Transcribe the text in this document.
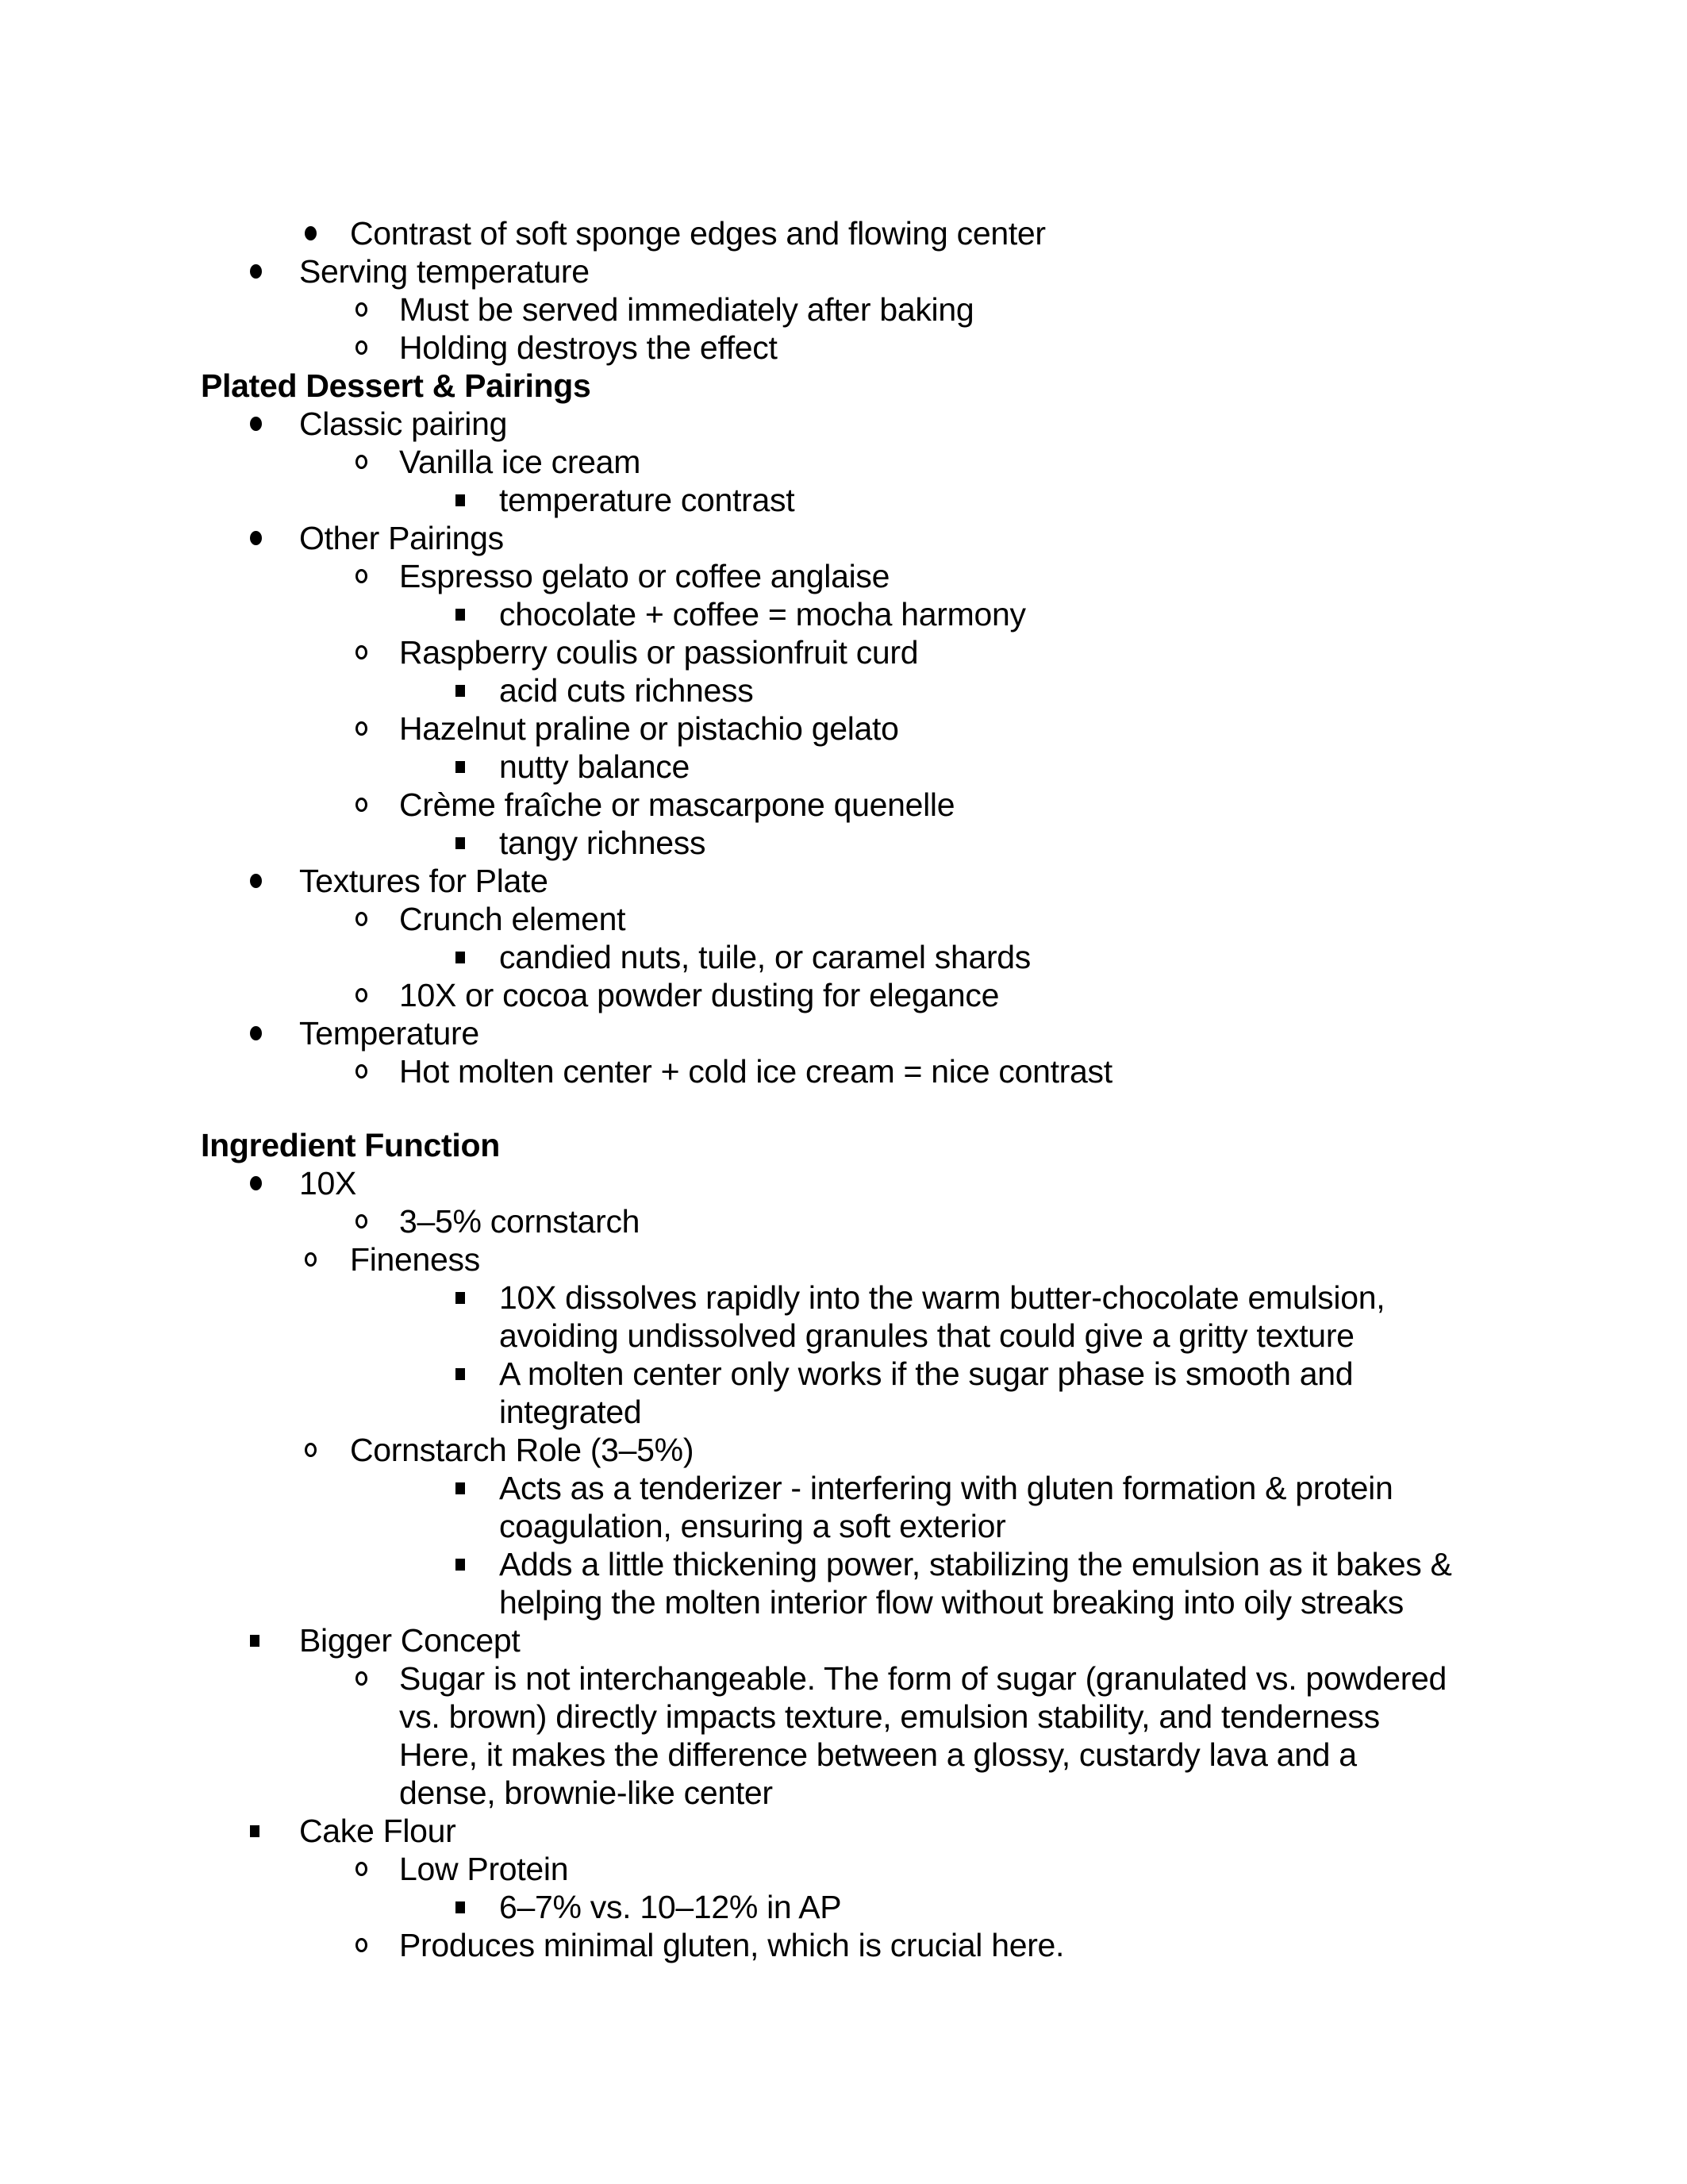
Contrast of soft sponge edges and flowing center
Serving temperature
Must be served immediately after baking
Holding destroys the effect
Plated Dessert & Pairings
Classic pairing
Vanilla ice cream
temperature contrast
Other Pairings
Espresso gelato or coffee anglaise
chocolate + coffee = mocha harmony
Raspberry coulis or passionfruit curd
acid cuts richness
Hazelnut praline or pistachio gelato
nutty balance
Crème fraîche or mascarpone quenelle
tangy richness
Textures for Plate
Crunch element
candied nuts, tuile, or caramel shards
10X or cocoa powder dusting for elegance
Temperature
Hot molten center + cold ice cream = nice contrast
Ingredient Function
10X
3–5% cornstarch
Fineness
10X dissolves rapidly into the warm butter-chocolate emulsion,
avoiding undissolved granules that could give a gritty texture
A molten center only works if the sugar phase is smooth and
integrated
Cornstarch Role (3–5%)
Acts as a tenderizer - interfering with gluten formation & protein
coagulation, ensuring a soft exterior
Adds a little thickening power, stabilizing the emulsion as it bakes &
helping the molten interior flow without breaking into oily streaks
Bigger Concept
Sugar is not interchangeable. The form of sugar (granulated vs. powdered
vs. brown) directly impacts texture, emulsion stability, and tenderness
Here, it makes the difference between a glossy, custardy lava and a
dense, brownie-like center
Cake Flour
Low Protein
6–7% vs. 10–12% in AP
Produces minimal gluten, which is crucial here.
